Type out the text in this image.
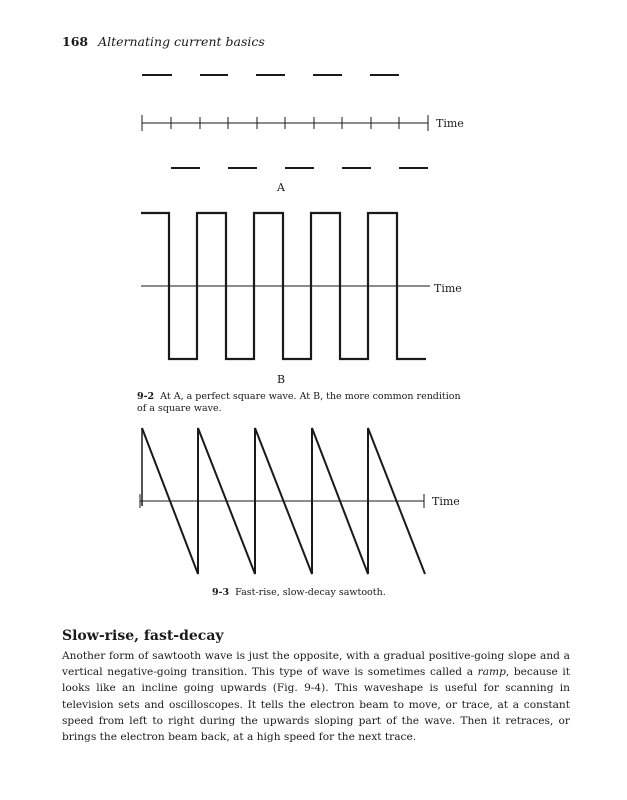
168 Alternating current basics
Time
A
Time
B
9-2 At A, a perfect square wave. At B, the more common rendition of a square wave.
Time
9-3 Fast-rise, slow-decay sawtooth.
Slow-rise, fast-decay
Another form of sawtooth wave is just the opposite, with a gradual positive-going slope and a vertical negative-going transition. This type of wave is sometimes called a ramp, because it looks like an incline going upwards (Fig. 9-4). This waveshape is useful for scanning in television sets and oscilloscopes. It tells the electron beam to move, or trace, at a constant speed from left to right during the upwards sloping part of the wave. Then it retraces, or brings the electron beam back, at a high speed for the next trace.
